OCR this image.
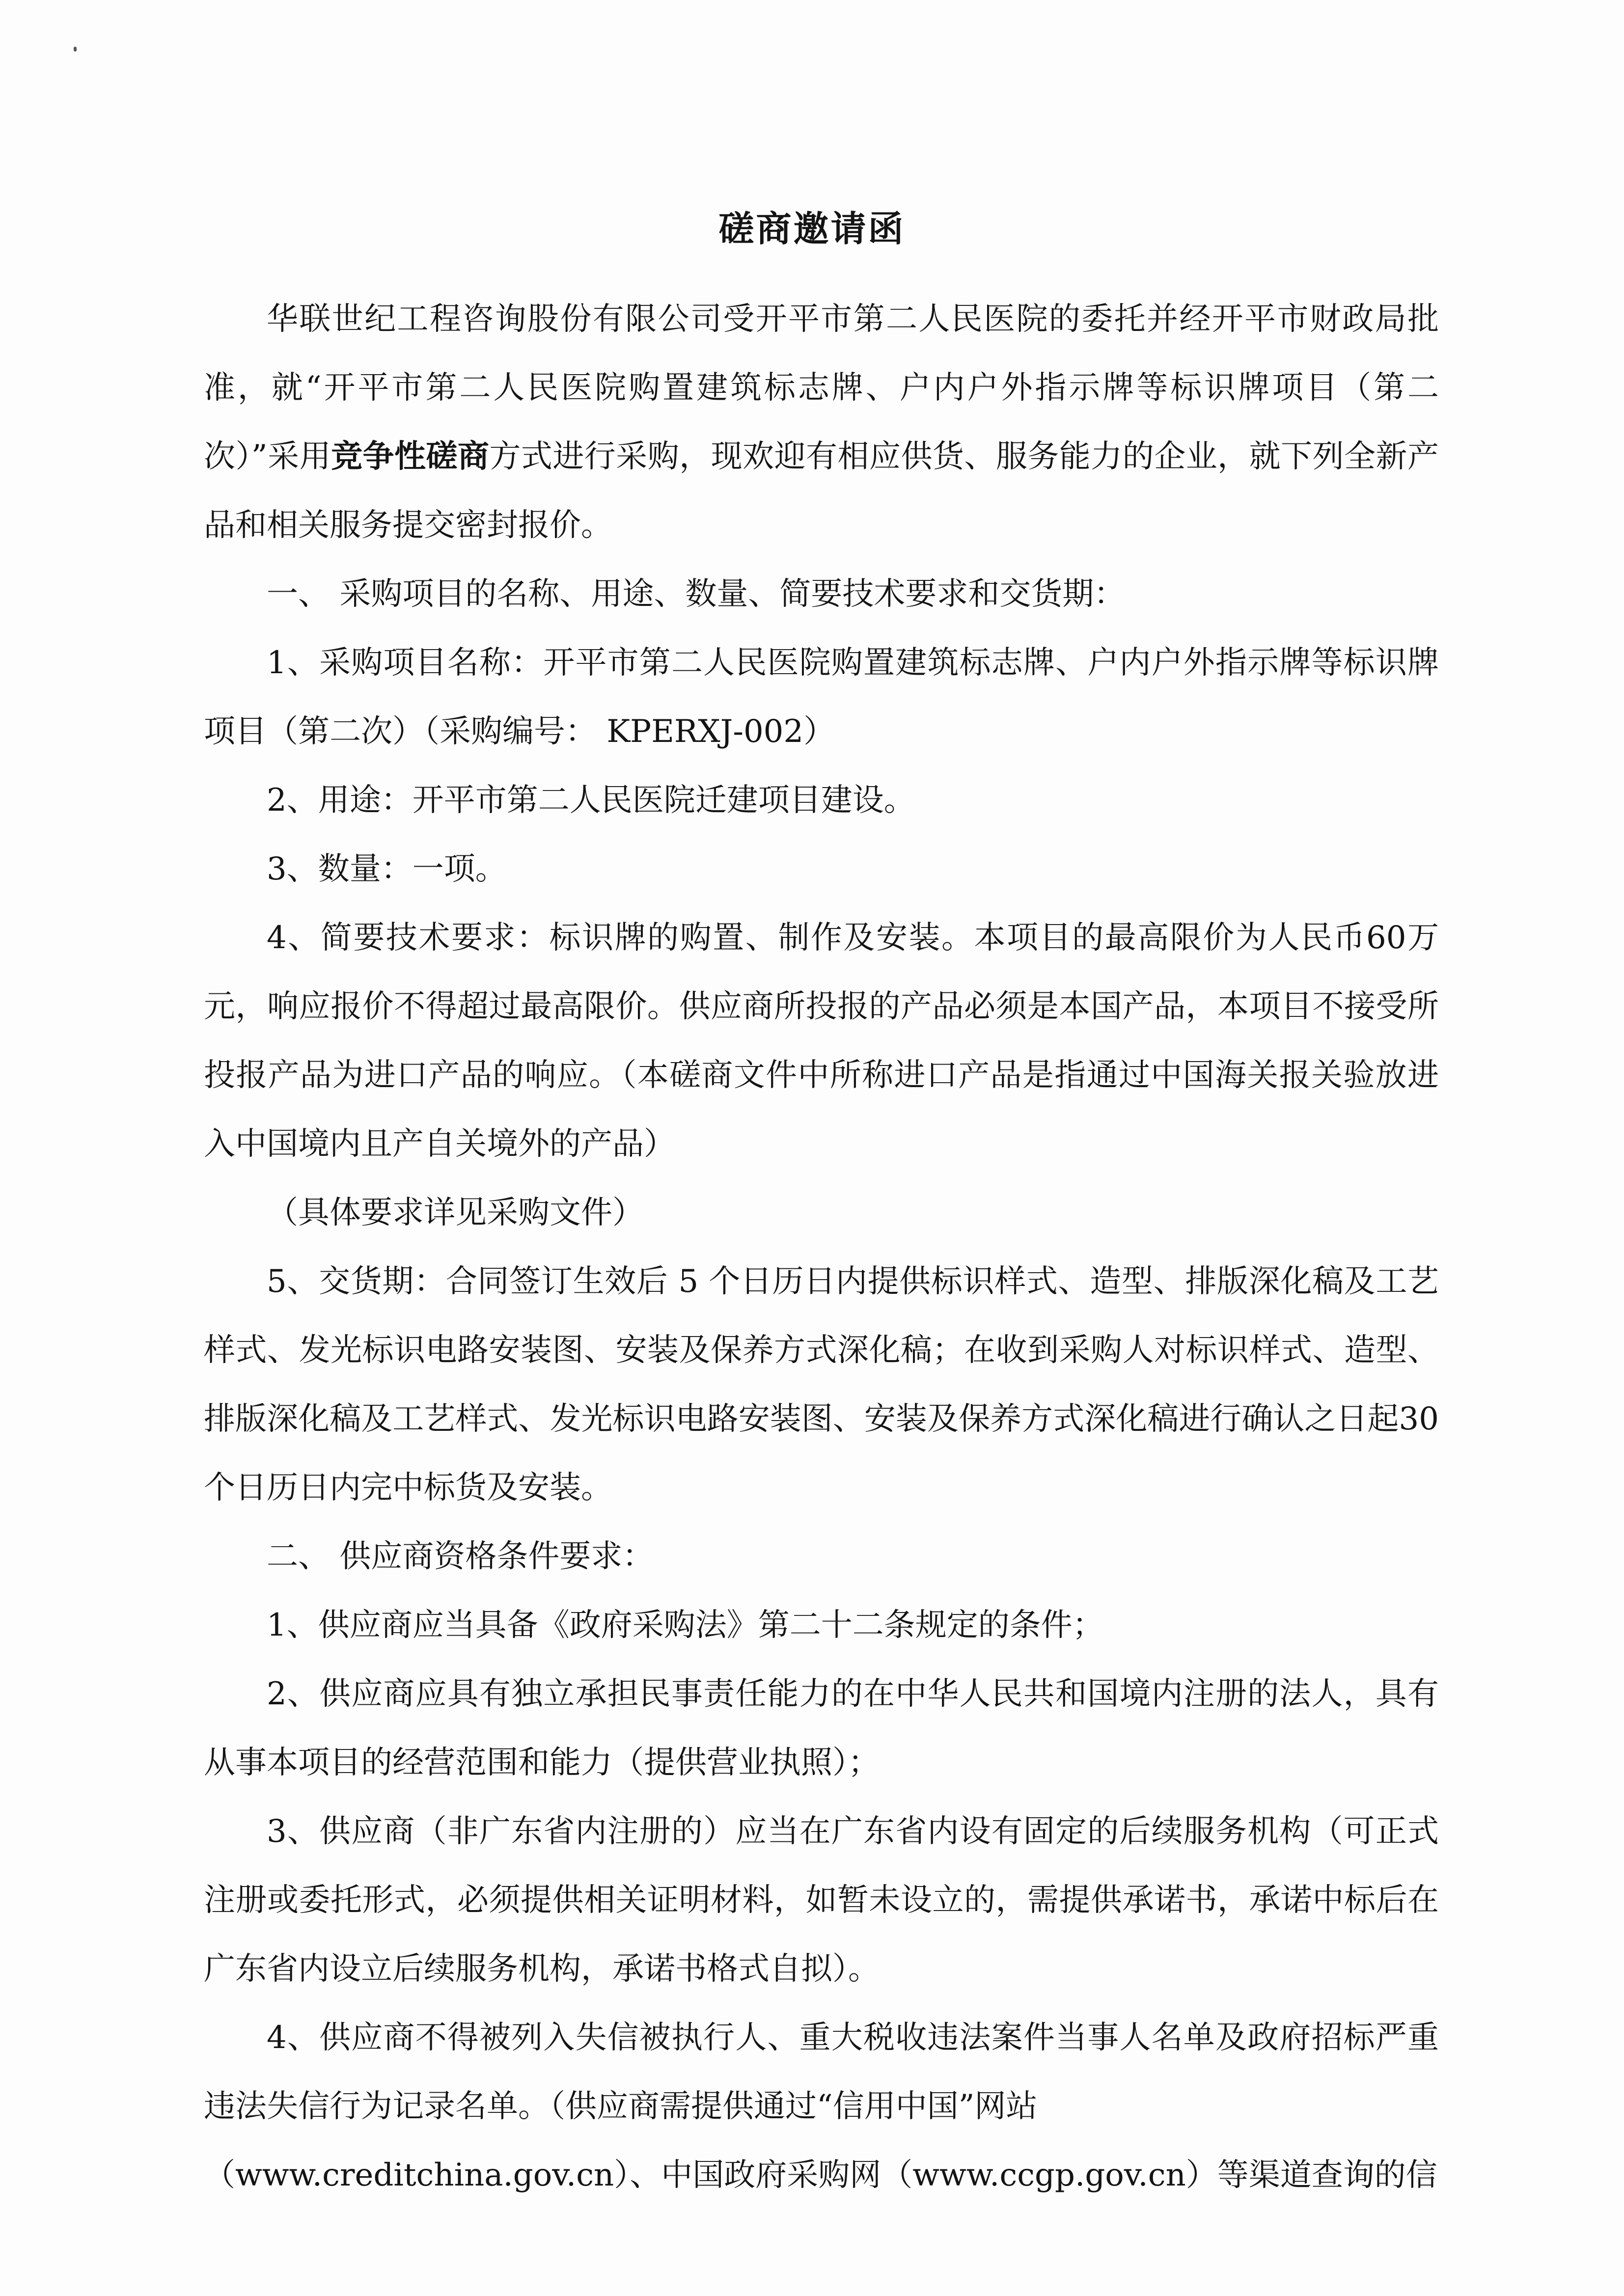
磋商邀请函

华联世纪工程咨询股份有限公司受开平市第二人民医院的委托并经开平市财政局批准，就“开平市第二人民医院购置建筑标志牌、户内户外指示牌等标识牌项目（第二次）”采用竞争性磋商方式进行采购，现欢迎有相应供货、服务能力的企业，就下列全新产品和相关服务提交密封报价。

一、 采购项目的名称、用途、数量、简要技术要求和交货期：

1、采购项目名称：开平市第二人民医院购置建筑标志牌、户内户外指示牌等标识牌项目（第二次）（采购编号： KPERXJ-002）

2、用途：开平市第二人民医院迁建项目建设。

3、数量：一项。

4、简要技术要求：标识牌的购置、制作及安装。本项目的最高限价为人民币60万元，响应报价不得超过最高限价。供应商所投报的产品必须是本国产品，本项目不接受所投报产品为进口产品的响应。（本磋商文件中所称进口产品是指通过中国海关报关验放进入中国境内且产自关境外的产品）

（具体要求详见采购文件）

5、交货期：合同签订生效后 5 个日历日内提供标识样式、造型、排版深化稿及工艺样式、发光标识电路安装图、安装及保养方式深化稿；在收到采购人对标识样式、造型、排版深化稿及工艺样式、发光标识电路安装图、安装及保养方式深化稿进行确认之日起30个日历日内完中标货及安装。

二、 供应商资格条件要求：

1、供应商应当具备《政府采购法》第二十二条规定的条件；

2、供应商应具有独立承担民事责任能力的在中华人民共和国境内注册的法人，具有从事本项目的经营范围和能力（提供营业执照）；

3、供应商（非广东省内注册的）应当在广东省内设有固定的后续服务机构（可正式注册或委托形式，必须提供相关证明材料，如暂未设立的，需提供承诺书，承诺中标后在广东省内设立后续服务机构，承诺书格式自拟）。

4、供应商不得被列入失信被执行人、重大税收违法案件当事人名单及政府招标严重违法失信行为记录名单。（供应商需提供通过“信用中国”网站

（www.creditchina.gov.cn）、中国政府采购网（www.ccgp.gov.cn）等渠道查询的信
